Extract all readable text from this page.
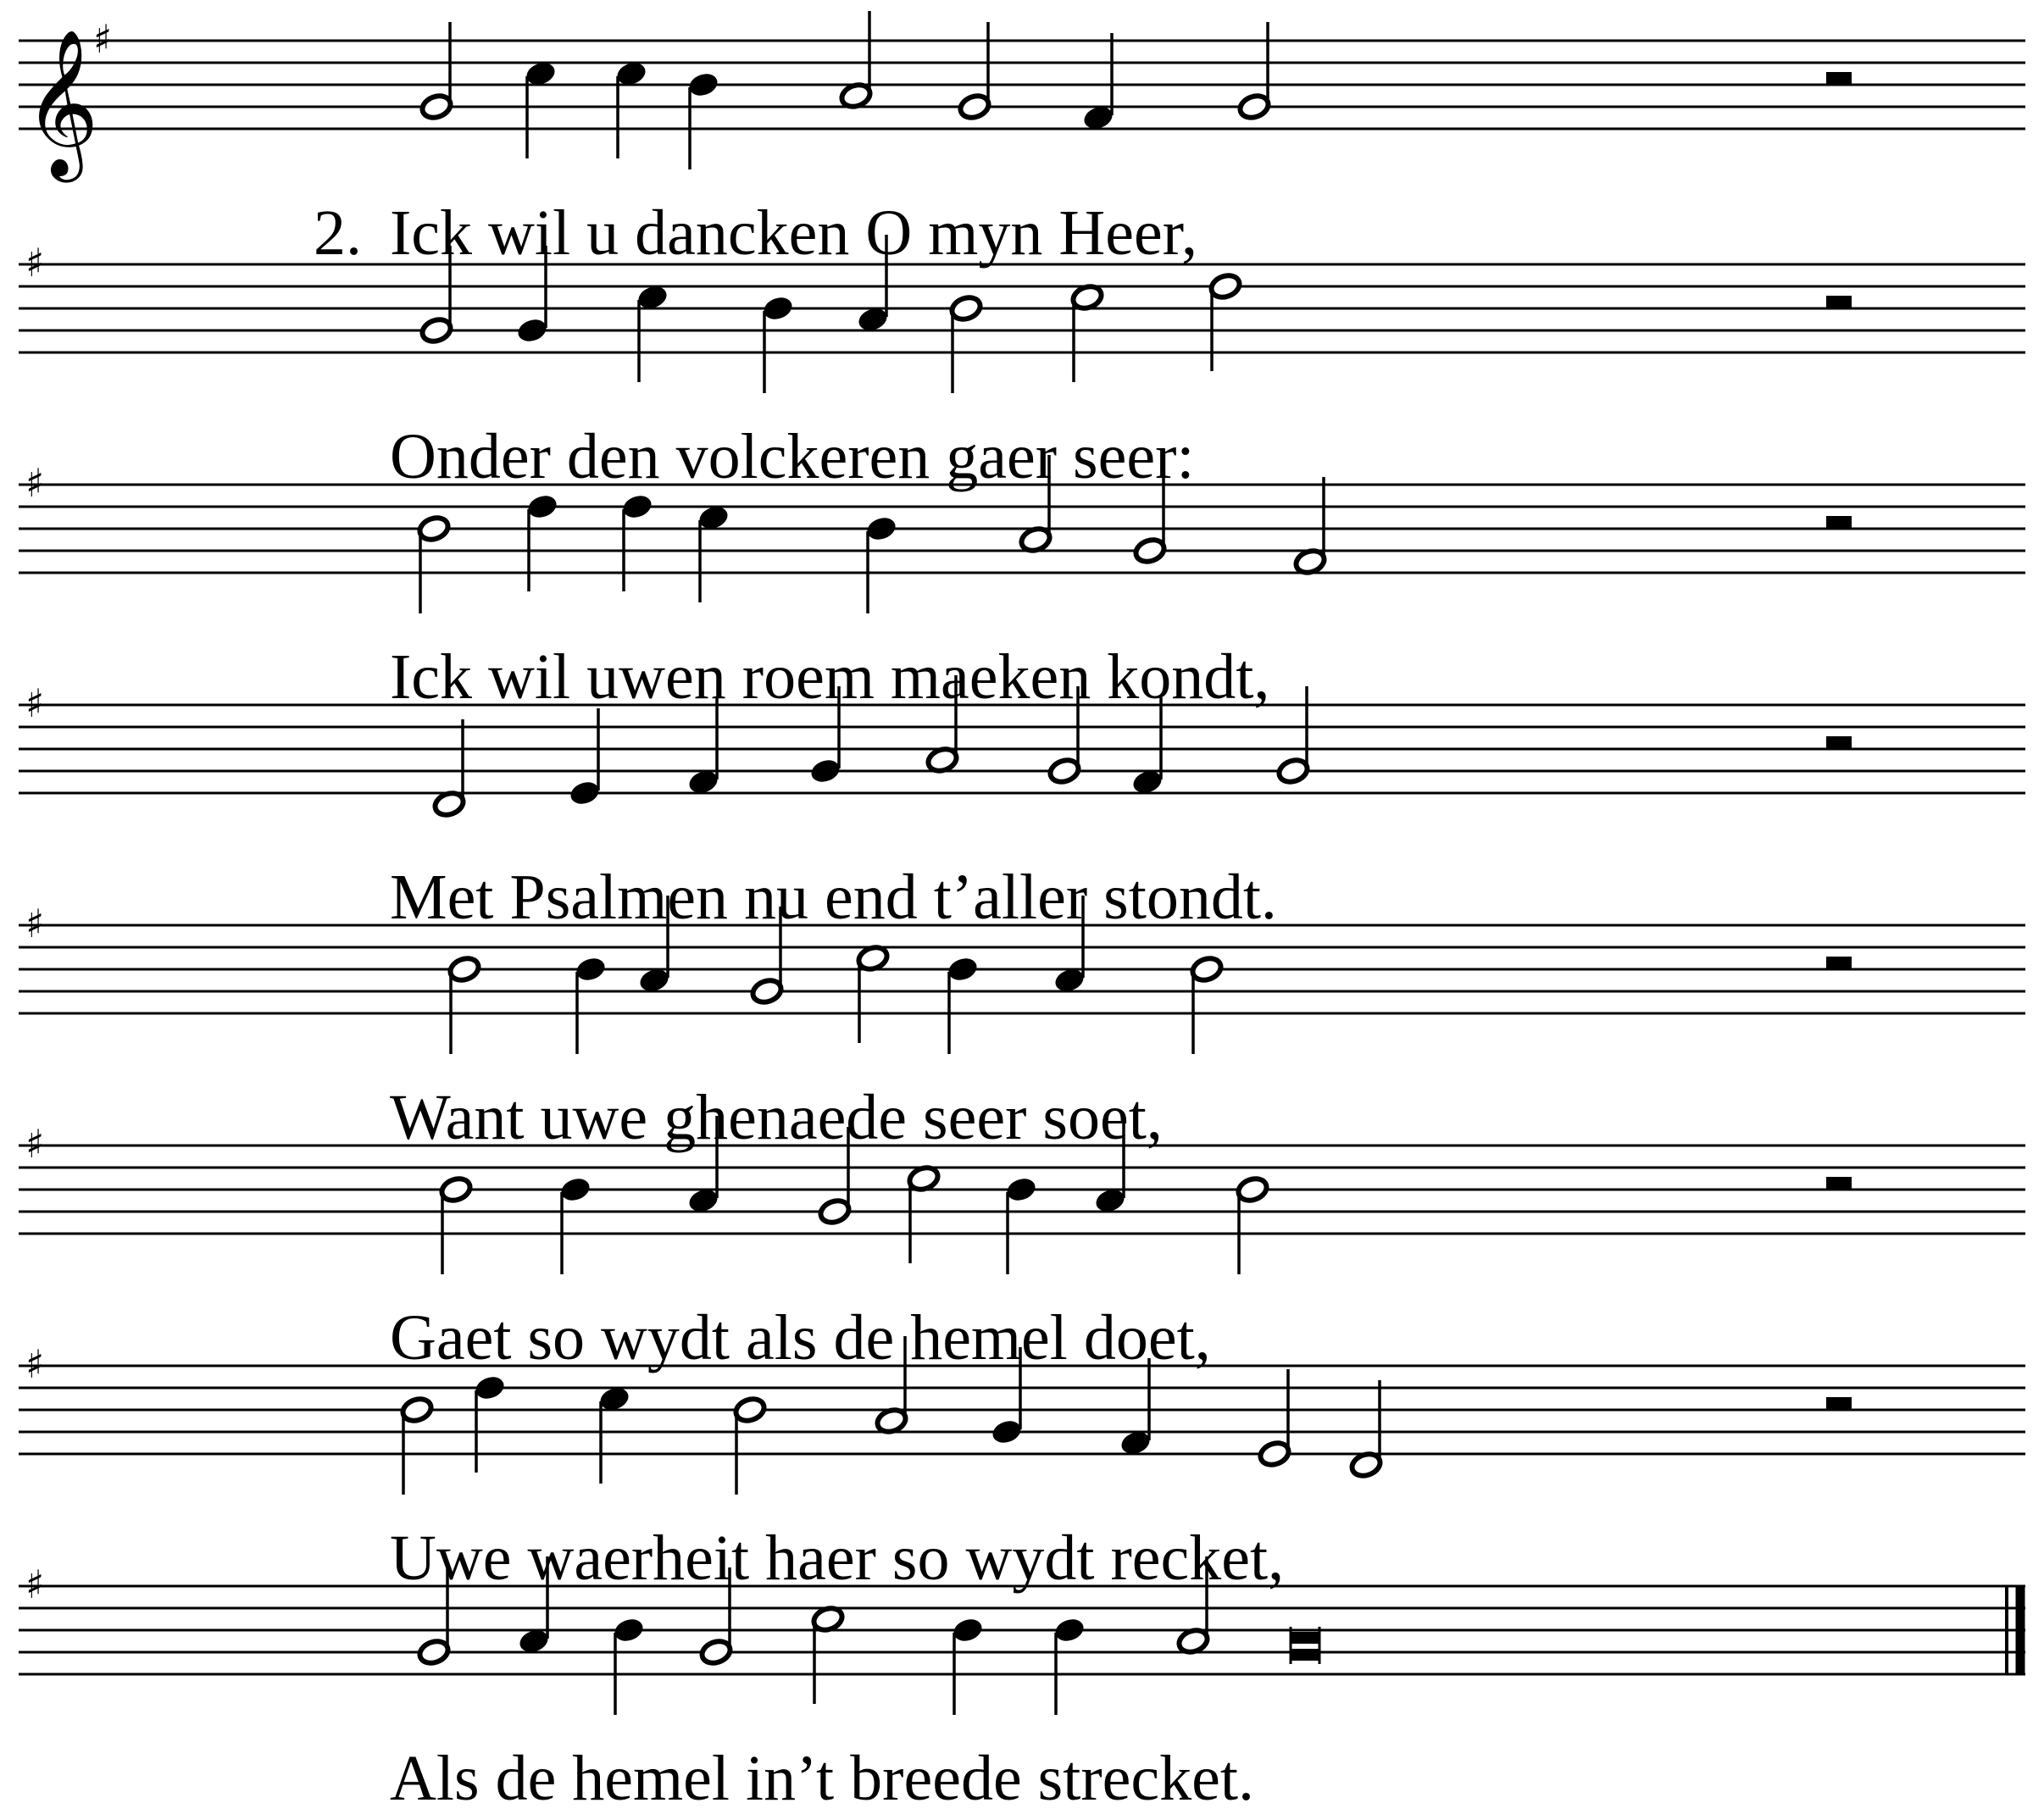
𝄞
♯
♯
♯
♯
♯
♯
♯
♯
Ick wil u dancken O myn Heer,
Onder den volckeren gaer seer:
Ick wil uwen roem maeken kondt,
Met Psalmen nu end t’aller stondt.
Want uwe ghenaede seer soet,
Gaet so wydt als de hemel doet,
Uwe waerheit haer so wydt recket,
Als de hemel in’t breede strecket.
2.
